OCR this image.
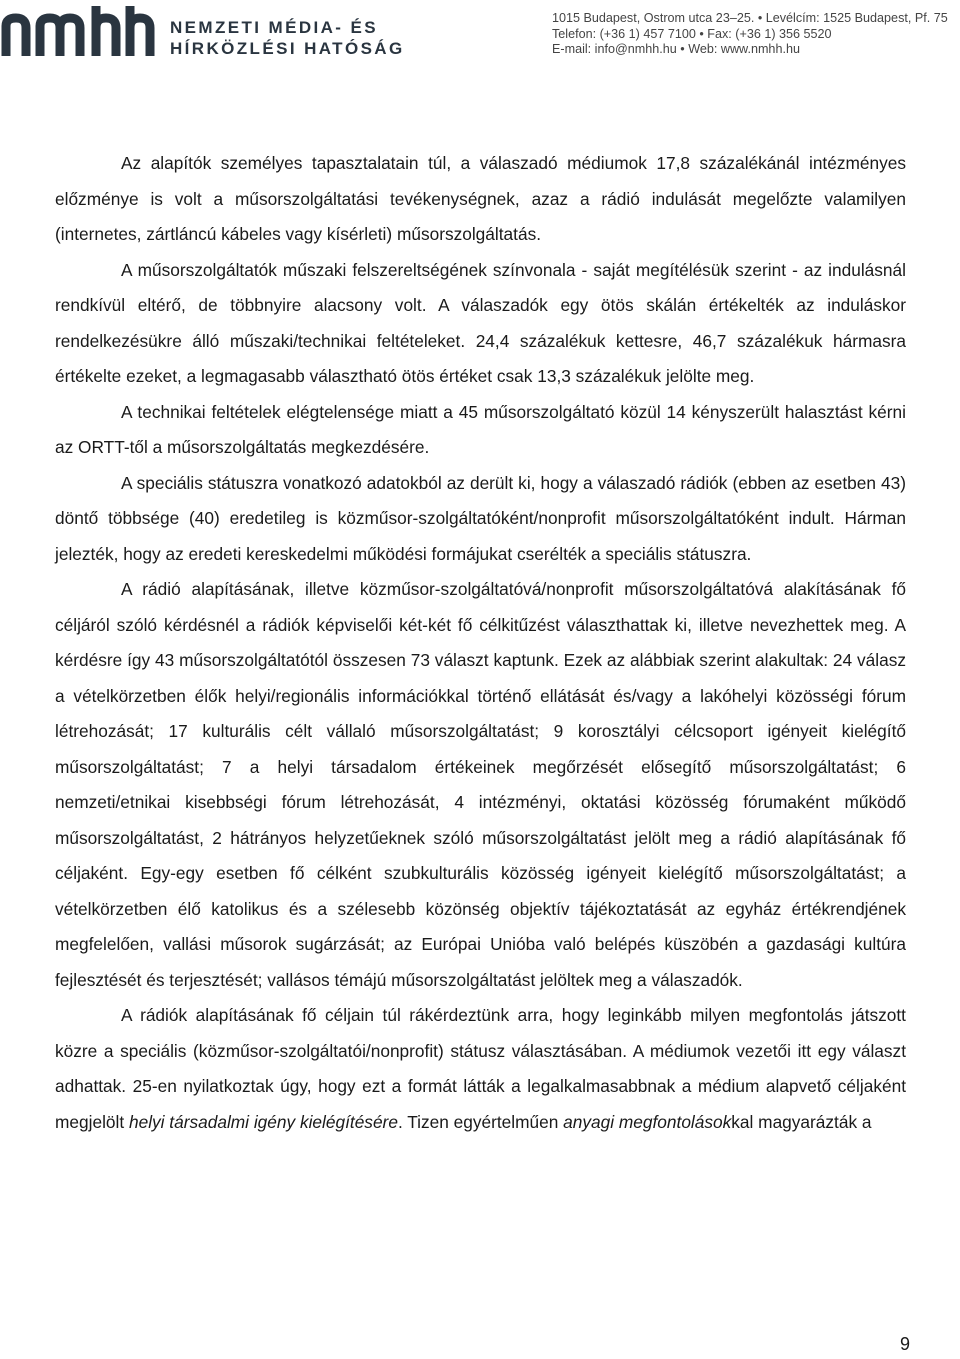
NEMZETI MÉDIA- ÉS
HÍRKÖZLÉSI HATÓSÁG
1015 Budapest, Ostrom utca 23–25. • Levélcím: 1525 Budapest, Pf. 75
Telefon: (+36 1) 457 7100 • Fax: (+36 1) 356 5520
E-mail: info@nmhh.hu • Web: www.nmhh.hu

Az alapítók személyes tapasztalatain túl, a válaszadó médiumok 17,8 százalékánál intézményes előzménye is volt a műsorszolgáltatási tevékenységnek, azaz a rádió indulását megelőzte valamilyen (internetes, zártláncú kábeles vagy kísérleti) műsorszolgáltatás.

A műsorszolgáltatók műszaki felszereltségének színvonala - saját megítélésük szerint - az indulásnál rendkívül eltérő, de többnyire alacsony volt. A válaszadók egy ötös skálán értékelték az induláskor rendelkezésükre álló műszaki/technikai feltételeket. 24,4 százalékuk kettesre, 46,7 százalékuk hármasra értékelte ezeket, a legmagasabb választható ötös értéket csak 13,3 százalékuk jelölte meg.

A technikai feltételek elégtelensége miatt a 45 műsorszolgáltató közül 14 kényszerült halasztást kérni az ORTT-től a műsorszolgáltatás megkezdésére.

A speciális státuszra vonatkozó adatokból az derült ki, hogy a válaszadó rádiók (ebben az esetben 43) döntő többsége (40) eredetileg is közműsor-szolgáltatóként/nonprofit műsorszolgáltatóként indult. Hárman jelezték, hogy az eredeti kereskedelmi működési formájukat cserélték a speciális státuszra.

A rádió alapításának, illetve közműsor-szolgáltatóvá/nonprofit műsorszolgáltatóvá alakításának fő céljáról szóló kérdésnél a rádiók képviselői két-két fő célkitűzést választhattak ki, illetve nevezhettek meg. A kérdésre így 43 műsorszolgáltatótól összesen 73 választ kaptunk. Ezek az alábbiak szerint alakultak: 24 válasz a vételkörzetben élők helyi/regionális információkkal történő ellátását és/vagy a lakóhelyi közösségi fórum létrehozását; 17 kulturális célt vállaló műsorszolgáltatást; 9 korosztályi célcsoport igényeit kielégítő műsorszolgáltatást; 7 a helyi társadalom értékeinek megőrzését elősegítő műsorszolgáltatást; 6 nemzeti/etnikai kisebbségi fórum létrehozását, 4 intézményi, oktatási közösség fórumaként működő műsorszolgáltatást, 2 hátrányos helyzetűeknek szóló műsorszolgáltatást jelölt meg a rádió alapításának fő céljaként. Egy-egy esetben fő célként szubkulturális közösség igényeit kielégítő műsorszolgáltatást; a vételkörzetben élő katolikus és a szélesebb közönség objektív tájékoztatását az egyház értékrendjének megfelelően, vallási műsorok sugárzását; az Európai Unióba való belépés küszöbén a gazdasági kultúra fejlesztését és terjesztését; vallásos témájú műsorszolgáltatást jelöltek meg a válaszadók.

A rádiók alapításának fő céljain túl rákérdeztünk arra, hogy leginkább milyen megfontolás játszott közre a speciális (közműsor-szolgáltatói/nonprofit) státusz választásában. A médiumok vezetői itt egy választ adhattak. 25-en nyilatkoztak úgy, hogy ezt a formát látták a legalkalmasabbnak a médium alapvető céljaként megjelölt helyi társadalmi igény kielégítésére. Tizen egyértelműen anyagi megfontolásokkal magyarázták a

9
